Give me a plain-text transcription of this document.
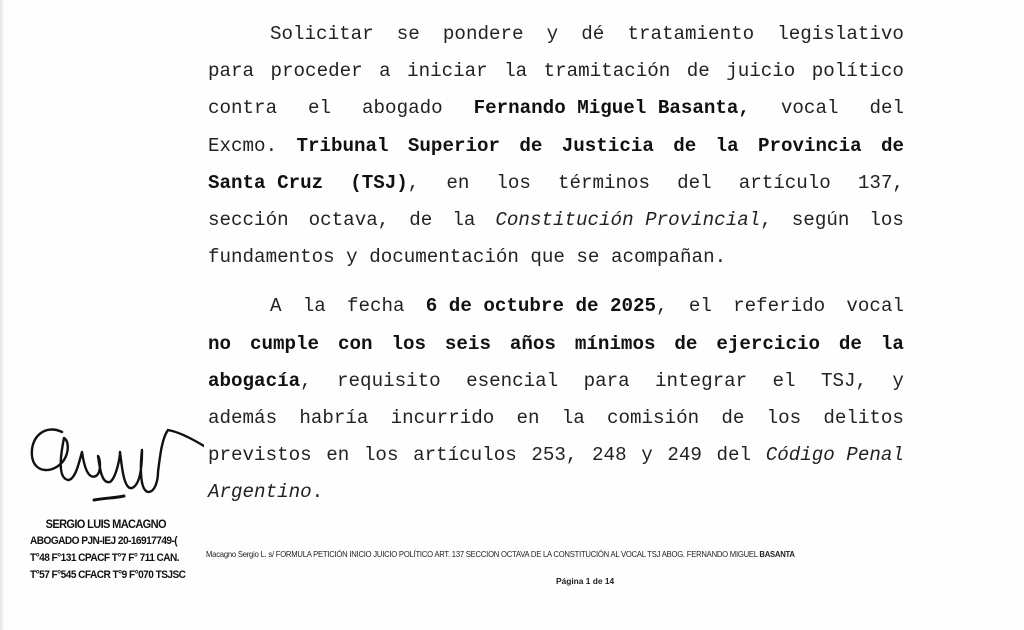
Solicitar se pondere y dé tratamiento legislativo
para proceder a iniciar la tramitación de juicio político
contra el abogado Fernando Miguel Basanta, vocal del
Excmo. Tribunal Superior de Justicia de la Provincia de
Santa Cruz (TSJ), en los términos del artículo 137,
sección octava, de la Constitución Provincial, según los
fundamentos y documentación que se acompañan.
A la fecha 6 de octubre de 2025, el referido vocal
no cumple con los seis años mínimos de ejercicio de la
abogacía, requisito esencial para integrar el TSJ, y
además habría incurrido en la comisión de los delitos
previstos en los artículos 253, 248 y 249 del Código Penal
Argentino.
SERGIO LUIS MACAGNO
ABOGADO PJN-IEJ 20-16917749-(
T°48 F°131 CPACF T°7 F° 711 CAN.
T°57 F°545 CFACR T°9 F°070 TSJSC
Macagno Sergio L. s/ FORMULA PETICIÓN INICIO JUICIO POLÍTICO ART. 137 SECCION OCTAVA DE LA CONSTITUCIÓN AL VOCAL TSJ ABOG. FERNANDO MIGUEL BASANTA
Página 1 de 14
